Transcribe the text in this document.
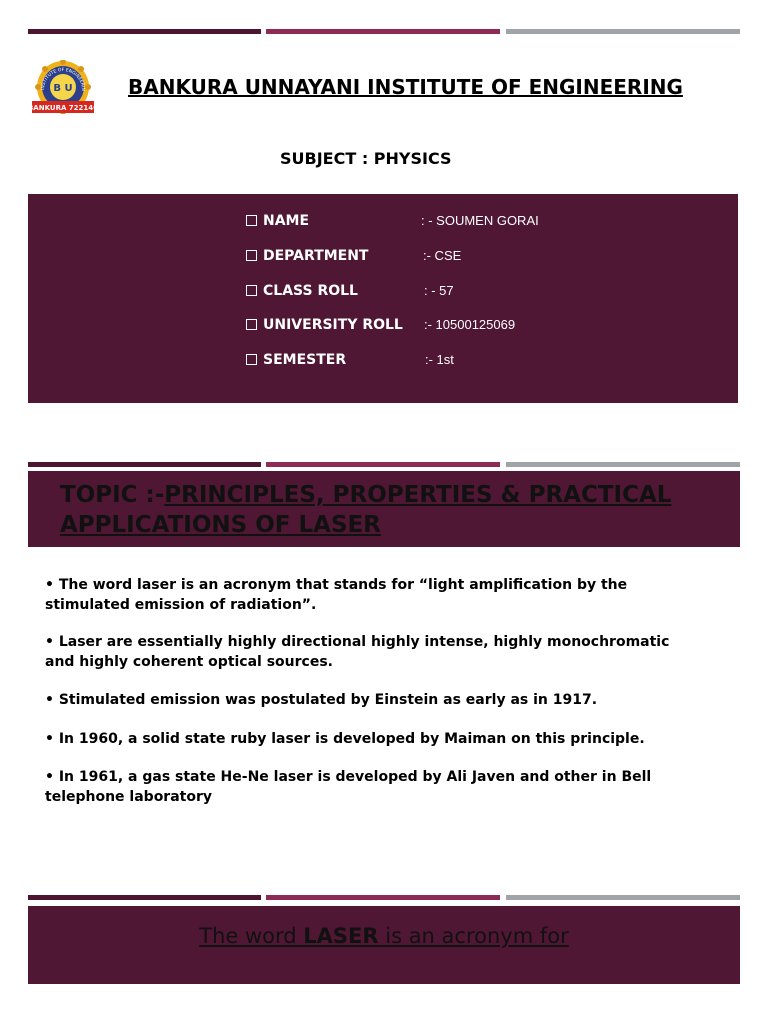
INSTITUTE OF ENGINEERIN
B U
BANKURA 722146
BANKURA UNNAYANI INSTITUTE OF ENGINEERING
SUBJECT : PHYSICS
NAME	: - SOUMEN GORAI
DEPARTMENT	:- CSE
CLASS ROLL	: - 57
UNIVERSITY ROLL :- 10500125069
SEMESTER	:- 1st
TOPIC :-PRINCIPLES, PROPERTIES & PRACTICAL
APPLICATIONS OF LASER
• The word laser is an acronym that stands for “light amplification by the stimulated emission of radiation”.
• Laser are essentially highly directional highly intense, highly monochromatic and highly coherent optical sources.
• Stimulated emission was postulated by Einstein as early as in 1917.
• In 1960, a solid state ruby laser is developed by Maiman on this principle.
• In 1961, a gas state He-Ne laser is developed by Ali Javen and other in Bell telephone laboratory
The word LASER is an acronym for
